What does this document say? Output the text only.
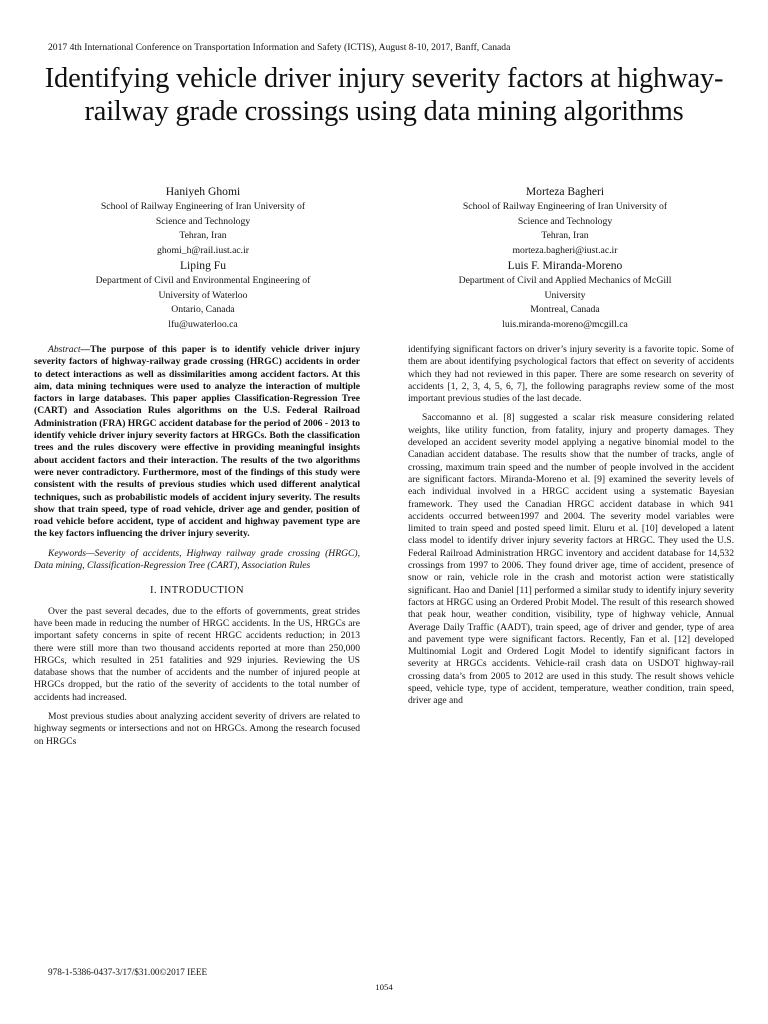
2017 4th International Conference on Transportation Information and Safety (ICTIS), August 8-10, 2017, Banff, Canada
Identifying vehicle driver injury severity factors at highway-railway grade crossings using data mining algorithms
Haniyeh Ghomi
School of Railway Engineering of Iran University of
Science and Technology
Tehran, Iran
ghomi_h@rail.iust.ac.ir
Morteza Bagheri
School of Railway Engineering of Iran University of
Science and Technology
Tehran, Iran
morteza.bagheri@iust.ac.ir
Liping Fu
Department of Civil and Environmental Engineering of
University of Waterloo
Ontario, Canada
lfu@uwaterloo.ca
Luis F. Miranda-Moreno
Department of Civil and Applied Mechanics of McGill
University
Montreal, Canada
luis.miranda-moreno@mcgill.ca

Abstract—The purpose of this paper is to identify vehicle driver injury severity factors of highway-railway grade crossing (HRGC) accidents in order to detect interactions as well as dissimilarities among accident factors. At this aim, data mining techniques were used to analyze the interaction of multiple factors in large databases. This paper applies Classification-Regression Tree (CART) and Association Rules algorithms on the U.S. Federal Railroad Administration (FRA) HRGC accident database for the period of 2006 - 2013 to identify vehicle driver injury severity factors at HRGCs. Both the classification trees and the rules discovery were effective in providing meaningful insights about accident factors and their interaction. The results of the two algorithms were never contradictory. Furthermore, most of the findings of this study were consistent with the results of previous studies which used different analytical techniques, such as probabilistic models of accident injury severity. The results show that train speed, type of road vehicle, driver age and gender, position of road vehicle before accident, type of accident and highway pavement type are the key factors influencing the driver injury severity.

Keywords—Severity of accidents, Highway railway grade crossing (HRGC), Data mining, Classification-Regression Tree (CART), Association Rules

I. INTRODUCTION

Over the past several decades, due to the efforts of governments, great strides have been made in reducing the number of HRGC accidents. In the US, HRGCs are important safety concerns in spite of recent HRGC accidents reduction; in 2013 there were still more than two thousand accidents reported at more than 250,000 HRGCs, which resulted in 251 fatalities and 929 injuries. Reviewing the US database shows that the number of accidents and the number of injured people at HRGCs dropped, but the ratio of the severity of accidents to the total number of accidents had increased.

Most previous studies about analyzing accident severity of drivers are related to highway segments or intersections and not on HRGCs. Among the research focused on HRGCs

identifying significant factors on driver’s injury severity is a favorite topic. Some of them are about identifying psychological factors that effect on severity of accidents which they had not reviewed in this paper. There are some research on severity of accidents [1, 2, 3, 4, 5, 6, 7], the following paragraphs review some of the most important previous studies of the last decade.

Saccomanno et al. [8] suggested a scalar risk measure considering related weights, like utility function, from fatality, injury and property damages. They developed an accident severity model applying a negative binomial model to the Canadian accident database. The results show that the number of tracks, angle of crossing, maximum train speed and the number of people involved in the accident are significant factors. Miranda-Moreno et al. [9] examined the severity levels of each individual involved in a HRGC accident using a systematic Bayesian framework. They used the Canadian HRGC accident database in which 941 accidents occurred between1997 and 2004. The severity model variables were limited to train speed and posted speed limit. Eluru et al. [10] developed a latent class model to identify driver injury severity factors at HRGC. They used the U.S. Federal Railroad Administration HRGC inventory and accident database for 14,532 crossings from 1997 to 2006. They found driver age, time of accident, presence of snow or rain, vehicle role in the crash and motorist action were statistically significant. Hao and Daniel [11] performed a similar study to identify injury severity factors at HRGC using an Ordered Probit Model. The result of this research showed that peak hour, weather condition, visibility, type of highway vehicle, Annual Average Daily Traffic (AADT), train speed, age of driver and gender, type of area and pavement type were significant factors. Recently, Fan et al. [12] developed Multinomial Logit and Ordered Logit Model to identify significant factors in severity at HRGCs accidents. Vehicle-rail crash data on USDOT highway-rail crossing data’s from 2005 to 2012 are used in this study. The result shows vehicle speed, vehicle type, type of accident, temperature, weather condition, train speed, driver age and

978-1-5386-0437-3/17/$31.00©2017 IEEE
1054
